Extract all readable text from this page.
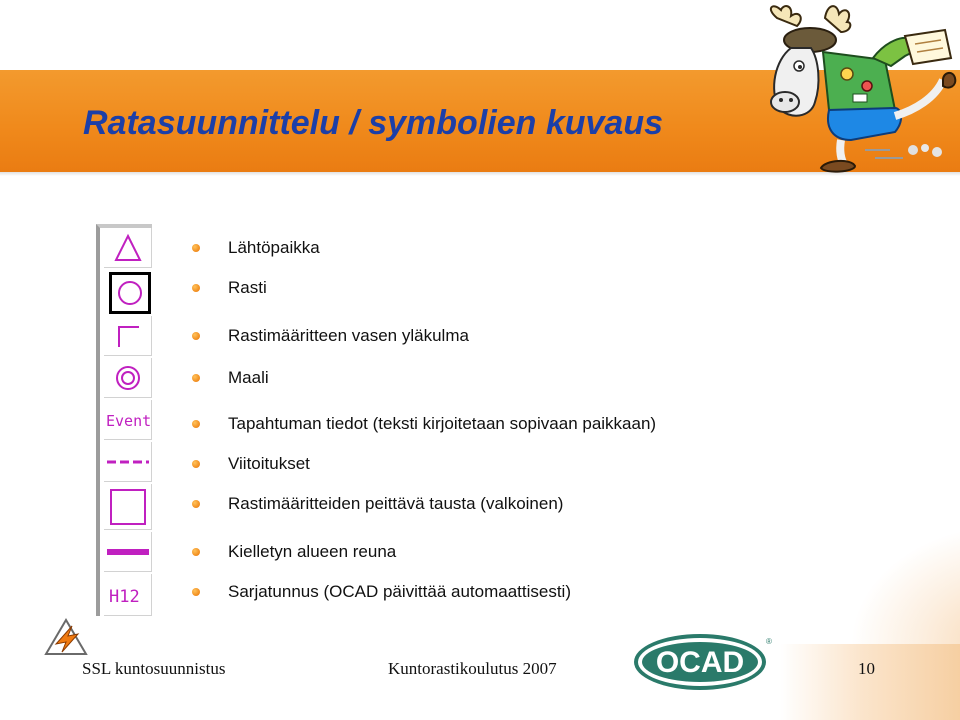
Ratasuunnittelu / symbolien kuvaus
Event
H12
Lähtöpaikka
Rasti
Rastimääritteen vasen yläkulma
Maali
Tapahtuman tiedot (teksti kirjoitetaan sopivaan paikkaan)
Viitoitukset
Rastimääritteiden peittävä tausta (valkoinen)
Kielletyn alueen reuna
Sarjatunnus (OCAD päivittää automaattisesti)
OCAD
®
SSL kuntosuunnistus	Kuntorastikoulutus 2007	10
